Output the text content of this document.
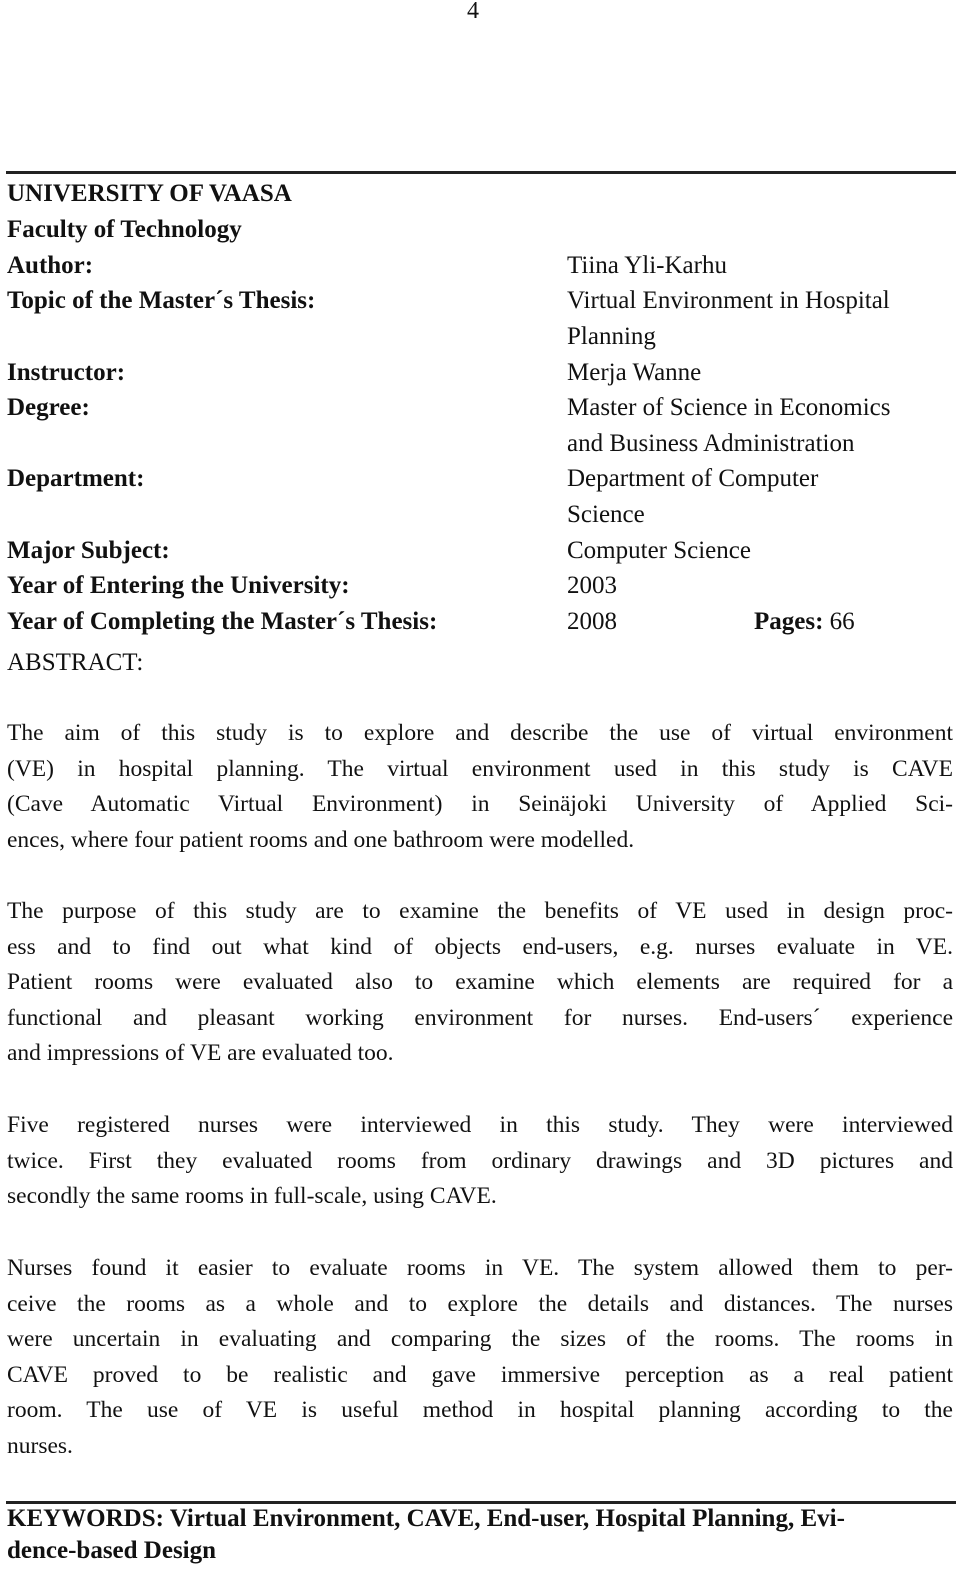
4
UNIVERSITY OF VAASA
Faculty of Technology
Author:	Tiina Yli-Karhu
Topic of the Master´s Thesis:	Virtual Environment in Hospital
Planning
Instructor:	Merja Wanne
Degree:	Master of Science in Economics
and Business Administration
Department:	Department of Computer
Science
Major Subject:	Computer Science
Year of Entering the University:	2003
Year of Completing the Master´s Thesis:	2008	Pages: 66
ABSTRACT:
The aim of this study is to explore and describe the use of virtual environment
(VE) in hospital planning. The virtual environment used in this study is CAVE
(Cave Automatic Virtual Environment) in Seinäjoki University of Applied Sci-
ences, where four patient rooms and one bathroom were modelled.
The purpose of this study are to examine the benefits of VE used in design proc-
ess and to find out what kind of objects end-users, e.g. nurses evaluate in VE.
Patient rooms were evaluated also to examine which elements are required for a
functional and pleasant working environment for nurses. End-users´ experience
and impressions of VE are evaluated too.
Five registered nurses were interviewed in this study. They were interviewed
twice. First they evaluated rooms from ordinary drawings and 3D pictures and
secondly the same rooms in full-scale, using CAVE.
Nurses found it easier to evaluate rooms in VE. The system allowed them to per-
ceive the rooms as a whole and to explore the details and distances. The nurses
were uncertain in evaluating and comparing the sizes of the rooms. The rooms in
CAVE proved to be realistic and gave immersive perception as a real patient
room. The use of VE is useful method in hospital planning according to the
nurses.
KEYWORDS: Virtual Environment, CAVE, End-user, Hospital Planning, Evi-
dence-based Design
